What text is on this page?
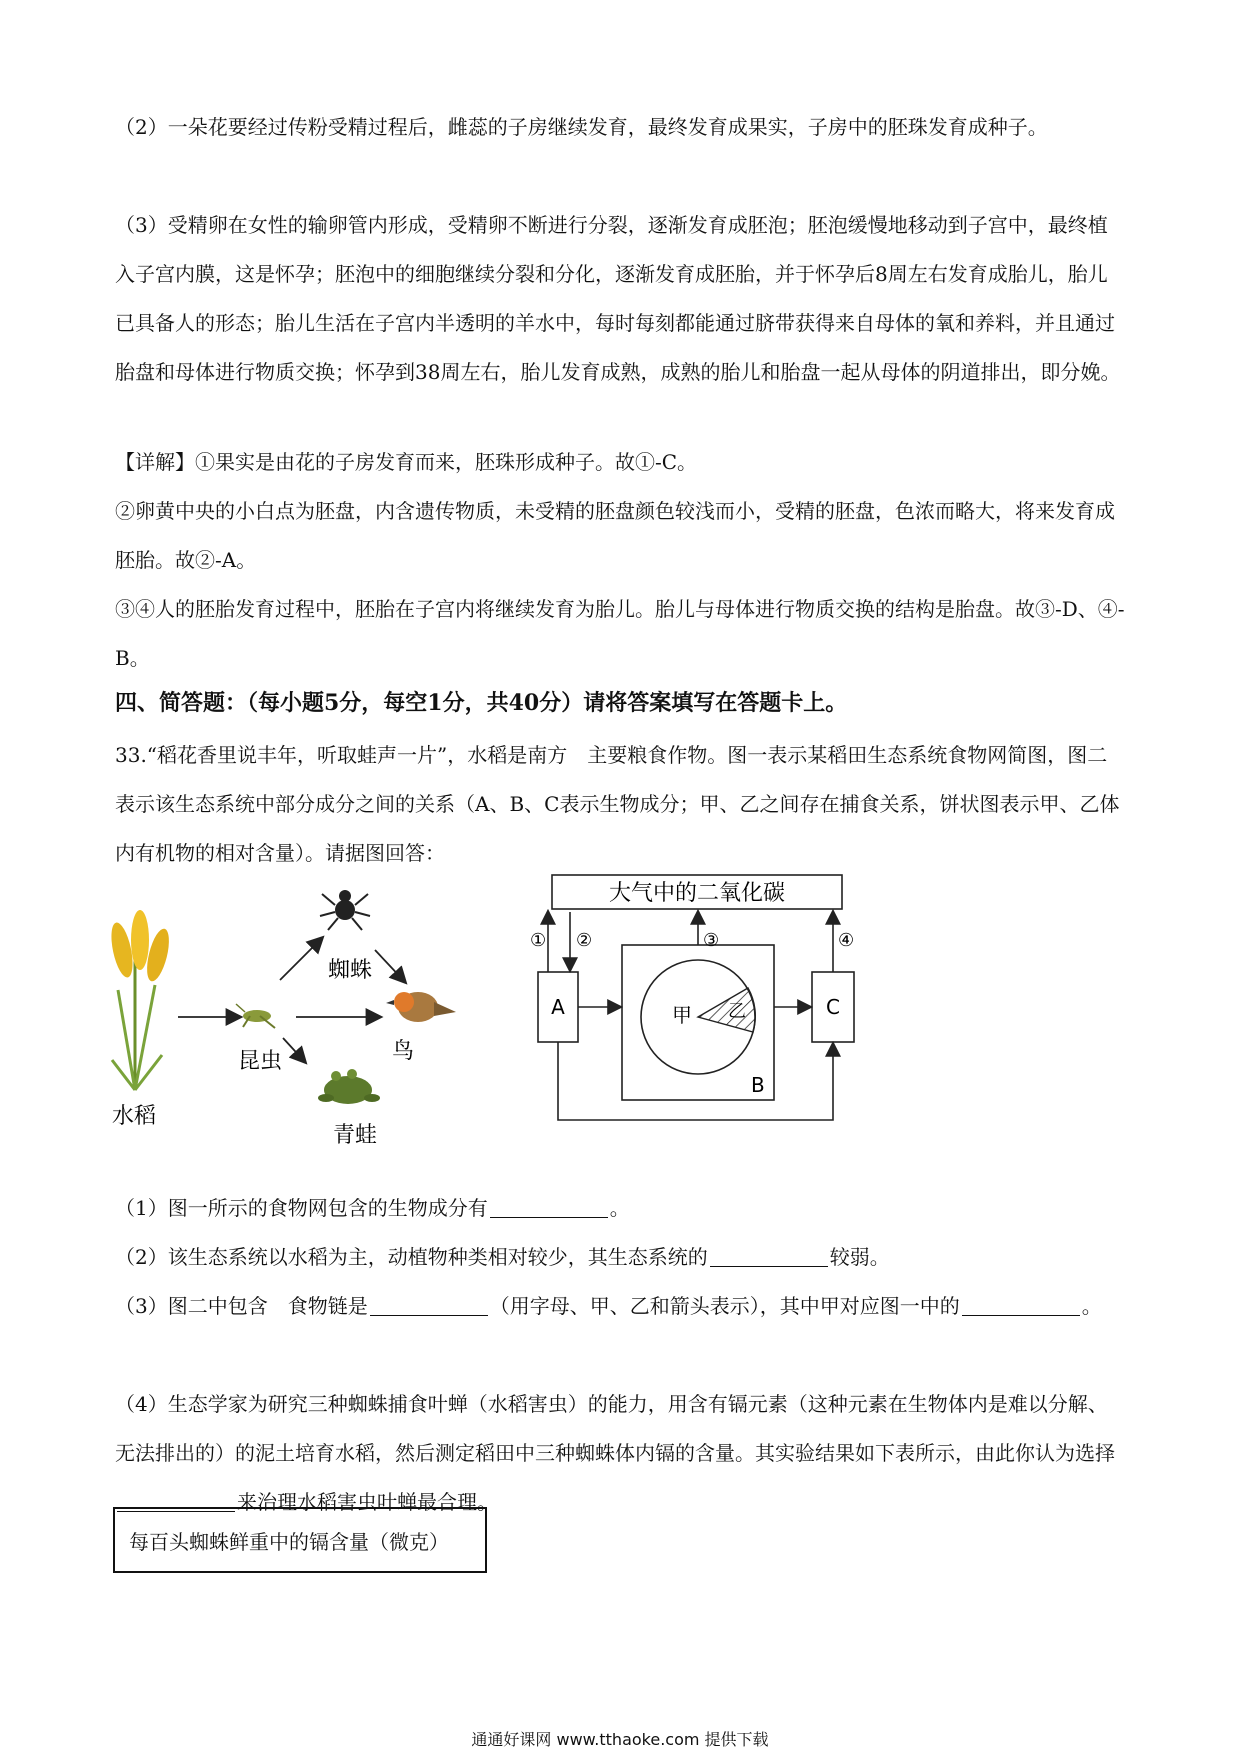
（2）一朵花要经过传粉受精过程后，雌蕊的子房继续发育，最终发育成果实，子房中的胚珠发育成种子。

（3）受精卵在女性的输卵管内形成，受精卵不断进行分裂，逐渐发育成胚泡；胚泡缓慢地移动到子宫中，最终植入子宫内膜，这是怀孕；胚泡中的细胞继续分裂和分化，逐渐发育成胚胎，并于怀孕后8周左右发育成胎儿，胎儿已具备人的形态；胎儿生活在子宫内半透明的羊水中，每时每刻都能通过脐带获得来自母体的氧和养料，并且通过胎盘和母体进行物质交换；怀孕到38周左右，胎儿发育成熟，成熟的胎儿和胎盘一起从母体的阴道排出，即分娩。

【详解】①果实是由花的子房发育而来，胚珠形成种子。故①-C。

②卵黄中央的小白点为胚盘，内含遗传物质，未受精的胚盘颜色较浅而小，受精的胚盘，色浓而略大，将来发育成胚胎。故②-A。

③④人的胚胎发育过程中，胚胎在子宫内将继续发育为胎儿。胎儿与母体进行物质交换的结构是胎盘。故③-D、④-B。

四、简答题：（每小题5分，每空1分，共40分）请将答案填写在答题卡上。

33.“稻花香里说丰年，听取蛙声一片”，水稻是南方　主要粮食作物。图一表示某稻田生态系统食物网简图，图二表示该生态系统中部分成分之间的关系（A、B、C表示生物成分；甲、乙之间存在捕食关系，饼状图表示甲、乙体内有机物的相对含量）。请据图回答：

水稻
昆虫
蜘蛛
鸟
青蛙
大气中的二氧化碳
A	甲 乙
B
C
① ②	③	④

（1）图一所示的食物网包含的生物成分有	。

（2）该生态系统以水稻为主，动植物种类相对较少，其生态系统的	较弱。

（3）图二中包含　食物链是	（用字母、甲、乙和箭头表示），其中甲对应图一中的	。

（4）生态学家为研究三种蜘蛛捕食叶蝉（水稻害虫）的能力，用含有镉元素（这种元素在生物体内是难以分解、无法排出的）的泥土培育水稻，然后测定稻田中三种蜘蛛体内镉的含量。其实验结果如下表所示，由此你认为选择来治理水稻害虫叶蝉最合理。

每百头蜘蛛鲜重中的镉含量（微克）
通通好课网 www.tthaoke.com 提供下载
